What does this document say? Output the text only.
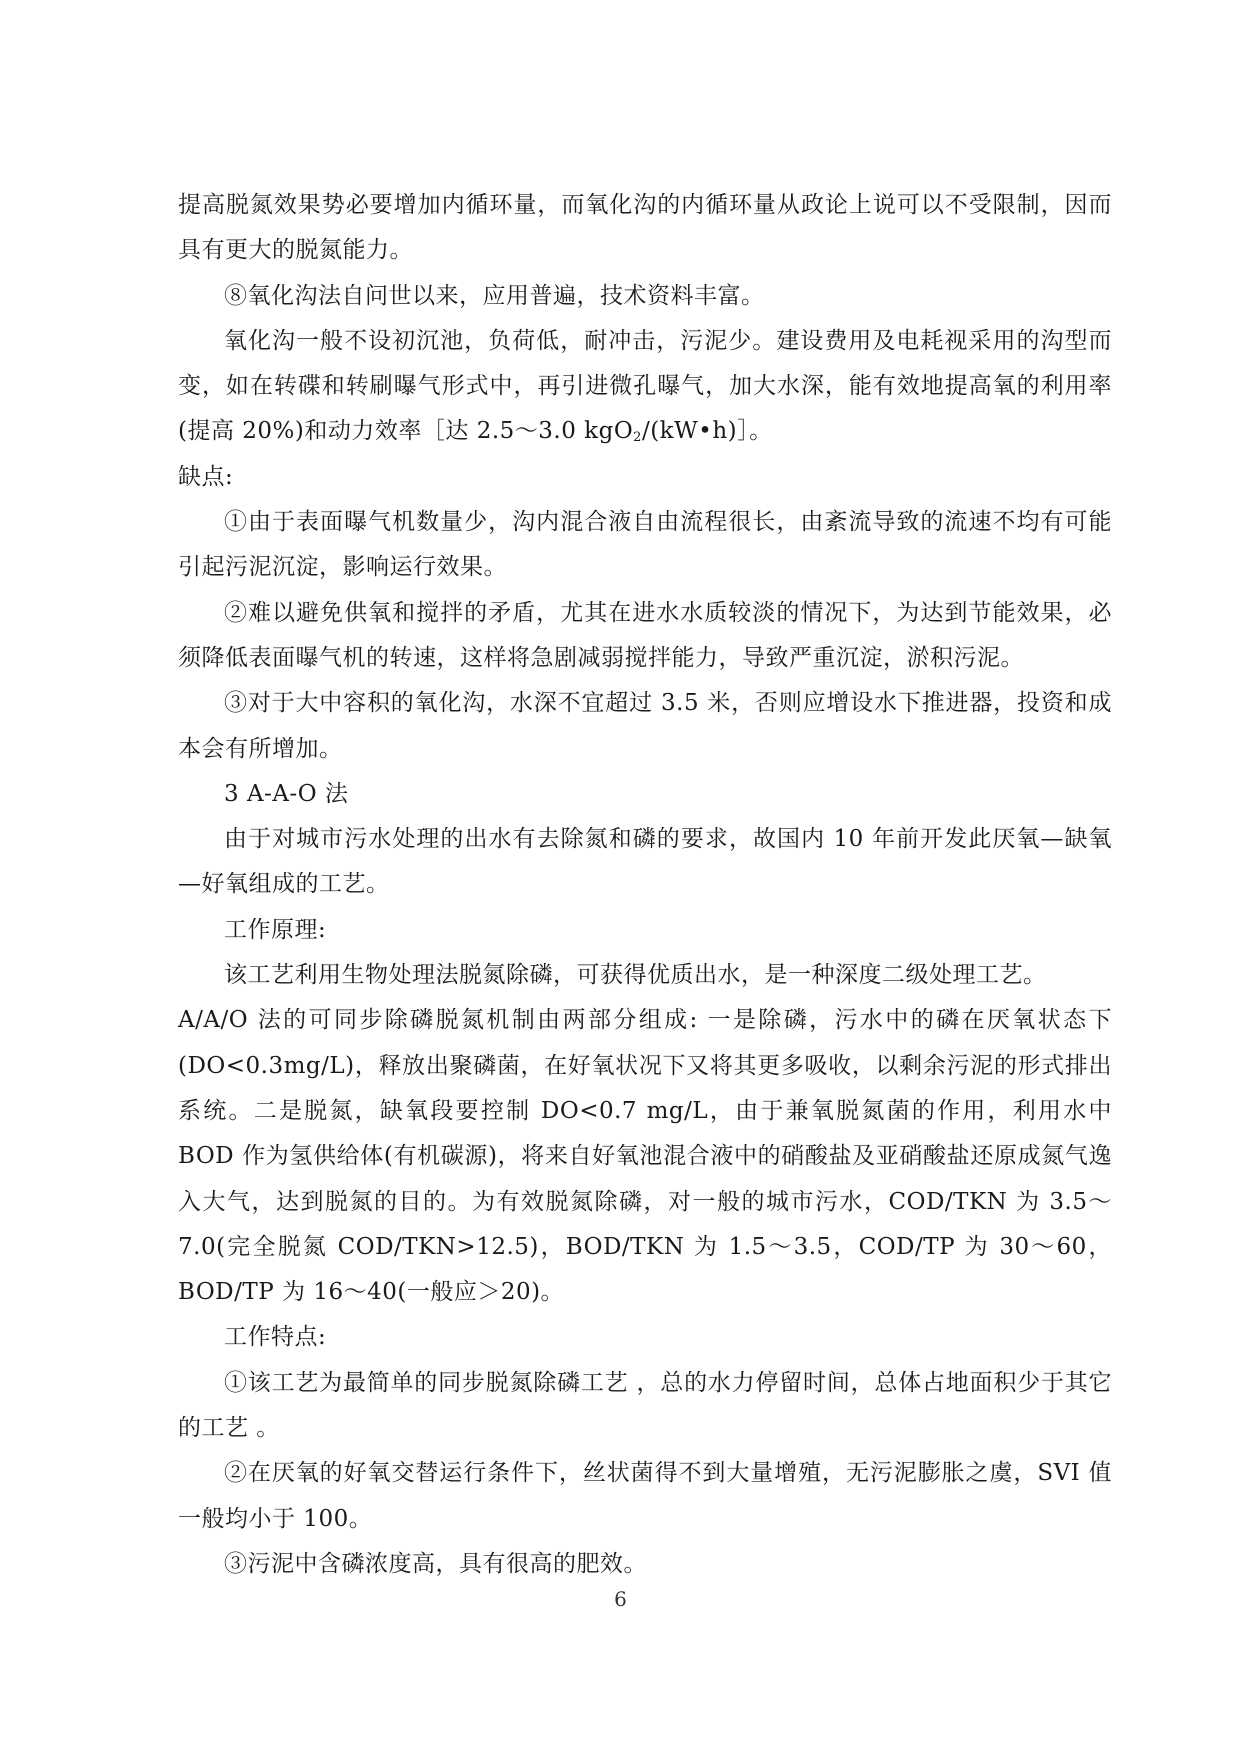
提高脱氮效果势必要增加内循环量，而氧化沟的内循环量从政论上说可以不受限制，因而具有更大的脱氮能力。

⑧氧化沟法自问世以来，应用普遍，技术资料丰富。

氧化沟一般不设初沉池，负荷低，耐冲击，污泥少。建设费用及电耗视采用的沟型而变，如在转碟和转刷曝气形式中，再引进微孔曝气，加大水深，能有效地提高氧的利用率(提高 20%)和动力效率［达 2.5～3.0 kgO$_2$/(kW•h)］。

缺点:

①由于表面曝气机数量少，沟内混合液自由流程很长，由紊流导致的流速不均有可能引起污泥沉淀，影响运行效果。

②难以避免供氧和搅拌的矛盾，尤其在进水水质较淡的情况下，为达到节能效果，必须降低表面曝气机的转速，这样将急剧减弱搅拌能力，导致严重沉淀，淤积污泥。

③对于大中容积的氧化沟，水深不宜超过 3.5 米，否则应增设水下推进器，投资和成本会有所增加。

3 A-A-O 法

由于对城市污水处理的出水有去除氮和磷的要求，故国内 10 年前开发此厌氧—缺氧—好氧组成的工艺。

工作原理:

该工艺利用生物处理法脱氮除磷，可获得优质出水，是一种深度二级处理工艺。

A/A/O 法的可同步除磷脱氮机制由两部分组成: 一是除磷，污水中的磷在厌氧状态下(DO<0.3mg/L)，释放出聚磷菌，在好氧状况下又将其更多吸收，以剩余污泥的形式排出系统。二是脱氮，缺氧段要控制 DO<0.7 mg/L，由于兼氧脱氮菌的作用，利用水中 BOD 作为氢供给体(有机碳源)，将来自好氧池混合液中的硝酸盐及亚硝酸盐还原成氮气逸入大气，达到脱氮的目的。为有效脱氮除磷，对一般的城市污水，COD/TKN 为 3.5～7.0(完全脱氮 COD/TKN>12.5)，BOD/TKN 为 1.5～3.5，COD/TP 为 30～60，BOD/TP 为 16～40(一般应＞20)。

工作特点:

①该工艺为最简单的同步脱氮除磷工艺 ，总的水力停留时间，总体占地面积少于其它的工艺 。

②在厌氧的好氧交替运行条件下，丝状菌得不到大量增殖，无污泥膨胀之虞，SVI 值一般均小于 100。

③污泥中含磷浓度高，具有很高的肥效。

6
